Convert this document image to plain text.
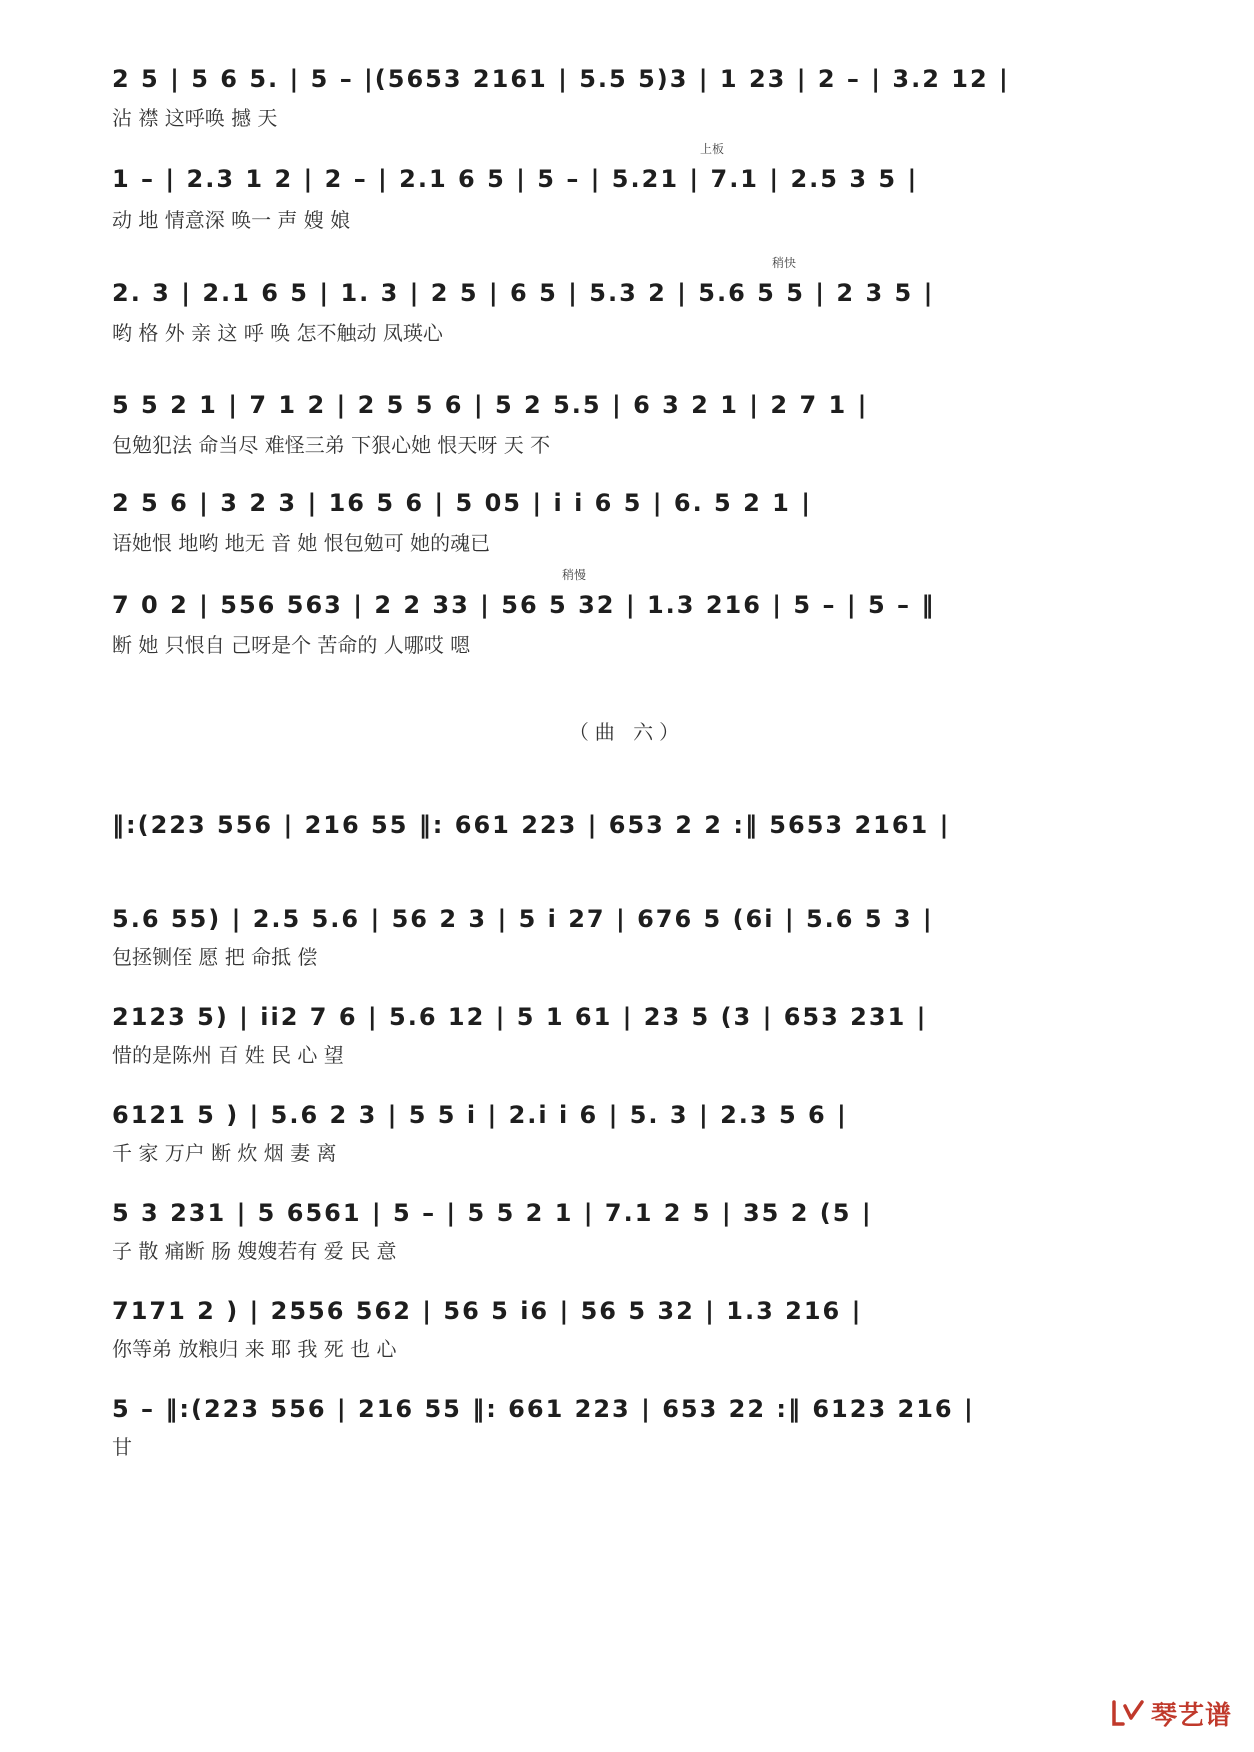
2 5 | 5 6 5. | 5 – |(5653 2161 | 5.5 5)3 | 1 23 | 2 – | 3.2 12 |
沾 襟 这呼唤 撼 天
上板
1 – | 2.3 1 2 | 2 – | 2.1 6 5 | 5 – | 5.21 | 7.1 | 2.5 3 5 |
动 地 情意深 唤一 声 嫂 娘
稍快
2. 3 | 2.1 6 5 | 1. 3 | 2 5 | 6 5 | 5.3 2 | 5.6 5 5 | 2 3 5 |
哟 格 外 亲 这 呼 唤 怎不触动 凤瑛心
5 5 2 1 | 7 1 2 | 2 5 5 6 | 5 2 5.5 | 6 3 2 1 | 2 7 1 |
包勉犯法 命当尽 难怪三弟 下狠心她 恨天呀 天 不
2 5 6 | 3 2 3 | 16 5 6 | 5 05 | i i 6 5 | 6. 5 2 1 |
语她恨 地哟 地无 音 她 恨包勉可 她的魂已
稍慢
7 0 2 | 556 563 | 2 2 33 | 56 5 32 | 1.3 216 | 5 – | 5 – ‖
断 她 只恨自 己呀是个 苦命的 人哪哎 嗯
（曲 六）
‖:(223 556 | 216 55 ‖: 661 223 | 653 2 2 :‖ 5653 2161 |
5.6 55) | 2.5 5.6 | 56 2 3 | 5 i 27 | 676 5 (6i | 5.6 5 3 |
包拯铡侄 愿 把 命抵 偿
2123 5) | ii2 7 6 | 5.6 12 | 5 1 61 | 23 5 (3 | 653 231 |
惜的是陈州 百 姓 民 心 望
6121 5 ) | 5.6 2 3 | 5 5 i | 2.i i 6 | 5. 3 | 2.3 5 6 |
千 家 万户 断 炊 烟 妻 离
5 3 231 | 5 6561 | 5 – | 5 5 2 1 | 7.1 2 5 | 35 2 (5 |
子 散 痛断 肠 嫂嫂若有 爱 民 意
7171 2 ) | 2556 562 | 56 5 i6 | 56 5 32 | 1.3 216 |
你等弟 放粮归 来 耶 我 死 也 心
5 – ‖:(223 556 | 216 55 ‖: 661 223 | 653 22 :‖ 6123 216 |
甘
琴艺谱
